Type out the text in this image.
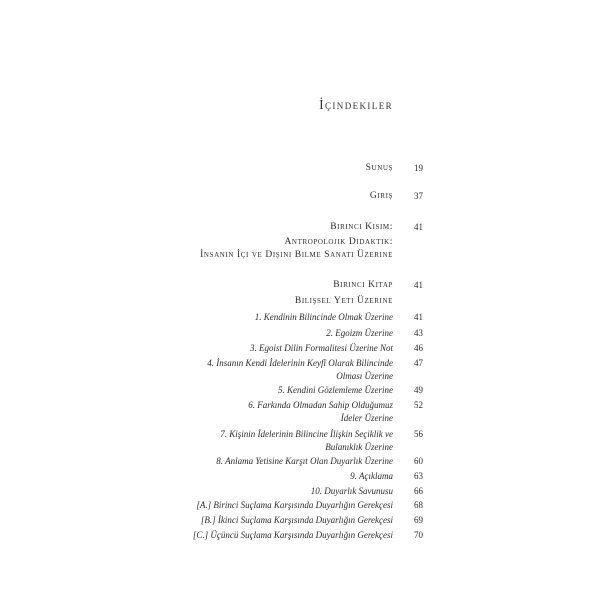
İçindekiler
Sunuş 19
Giriş 37
Birinci Kısım: 41
Antropolojik Didaktik:
İnsanın İçi ve Dışını Bilme Sanatı Üzerine
Birinci Kitap 41
Bilişsel Yeti Üzerine
1. Kendinin Bilincinde Olmak Üzerine 41
2. Egoizm Üzerine 43
3. Egoist Dilin Formalitesi Üzerine Not 46
4. İnsanın Kendi İdelerinin Keyfî Olarak Bilincinde 47
Olması Üzerine
5. Kendini Gözlemleme Üzerine 49
6. Farkında Olmadan Sahip Olduğumuz 52
İdeler Üzerine
7. Kişinin İdelerinin Bilincine İlişkin Seçiklik ve 56
Bulanıklık Üzerine
8. Anlama Yetisine Karşıt Olan Duyarlık Üzerine 60
9. Açıklama 63
10. Duyarlık Savunusu 66
[A.] Birinci Suçlama Karşısında Duyarlığın Gerekçesi 68
[B.] İkinci Suçlama Karşısında Duyarlığın Gerekçesi 69
[C.] Üçüncü Suçlama Karşısında Duyarlığın Gerekçesi 70
